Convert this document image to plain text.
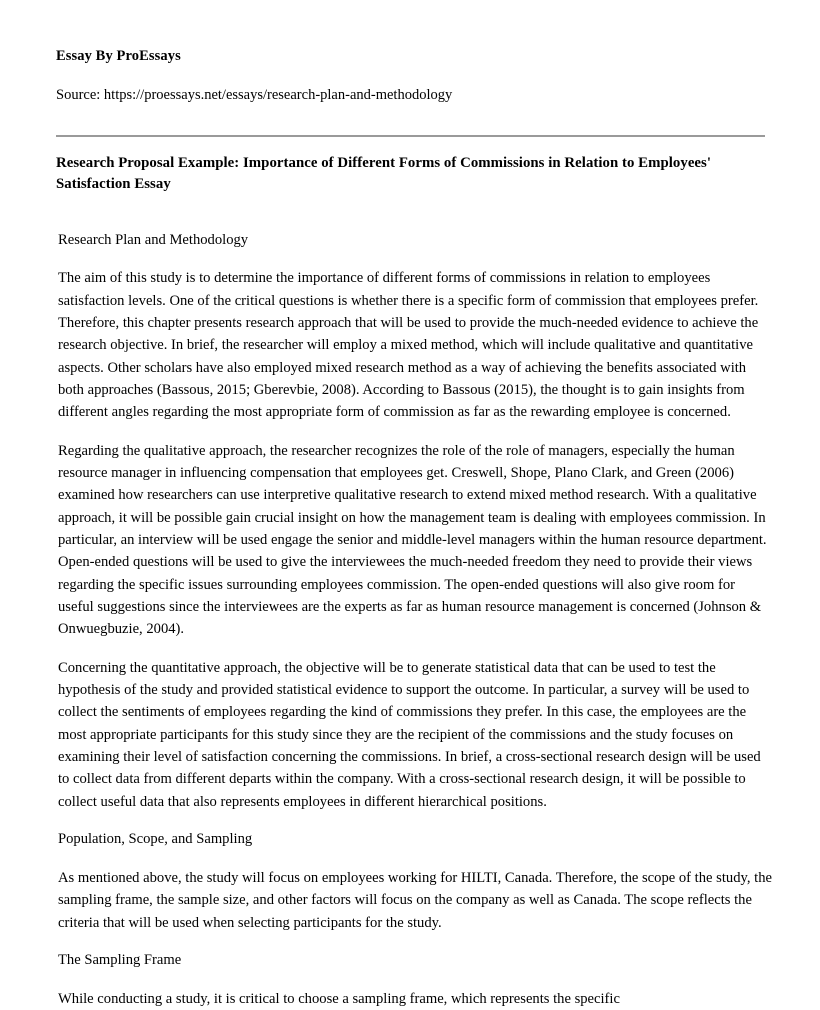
Essay By ProEssays
Source: https://proessays.net/essays/research-plan-and-methodology
Research Proposal Example: Importance of Different Forms of Commissions in Relation to Employees' Satisfaction Essay
Research Plan and Methodology

The aim of this study is to determine the importance of different forms of commissions in relation to employees satisfaction levels. One of the critical questions is whether there is a specific form of commission that employees prefer. Therefore, this chapter presents research approach that will be used to provide the much-needed evidence to achieve the research objective. In brief, the researcher will employ a mixed method, which will include qualitative and quantitative aspects. Other scholars have also employed mixed research method as a way of achieving the benefits associated with both approaches (Bassous, 2015; Gberevbie, 2008). According to Bassous (2015), the thought is to gain insights from different angles regarding the most appropriate form of commission as far as the rewarding employee is concerned.

Regarding the qualitative approach, the researcher recognizes the role of the role of managers, especially the human resource manager in influencing compensation that employees get. Creswell, Shope, Plano Clark, and Green (2006) examined how researchers can use interpretive qualitative research to extend mixed method research. With a qualitative approach, it will be possible gain crucial insight on how the management team is dealing with employees commission. In particular, an interview will be used engage the senior and middle-level managers within the human resource department. Open-ended questions will be used to give the interviewees the much-needed freedom they need to provide their views regarding the specific issues surrounding employees commission. The open-ended questions will also give room for useful suggestions since the interviewees are the experts as far as human resource management is concerned (Johnson & Onwuegbuzie, 2004).

Concerning the quantitative approach, the objective will be to generate statistical data that can be used to test the hypothesis of the study and provided statistical evidence to support the outcome. In particular, a survey will be used to collect the sentiments of employees regarding the kind of commissions they prefer. In this case, the employees are the most appropriate participants for this study since they are the recipient of the commissions and the study focuses on examining their level of satisfaction concerning the commissions. In brief, a cross-sectional research design will be used to collect data from different departs within the company. With a cross-sectional research design, it will be possible to collect useful data that also represents employees in different hierarchical positions.

Population, Scope, and Sampling

As mentioned above, the study will focus on employees working for HILTI, Canada. Therefore, the scope of the study, the sampling frame, the sample size, and other factors will focus on the company as well as Canada. The scope reflects the criteria that will be used when selecting participants for the study.

The Sampling Frame

While conducting a study, it is critical to choose a sampling frame, which represents the specific
